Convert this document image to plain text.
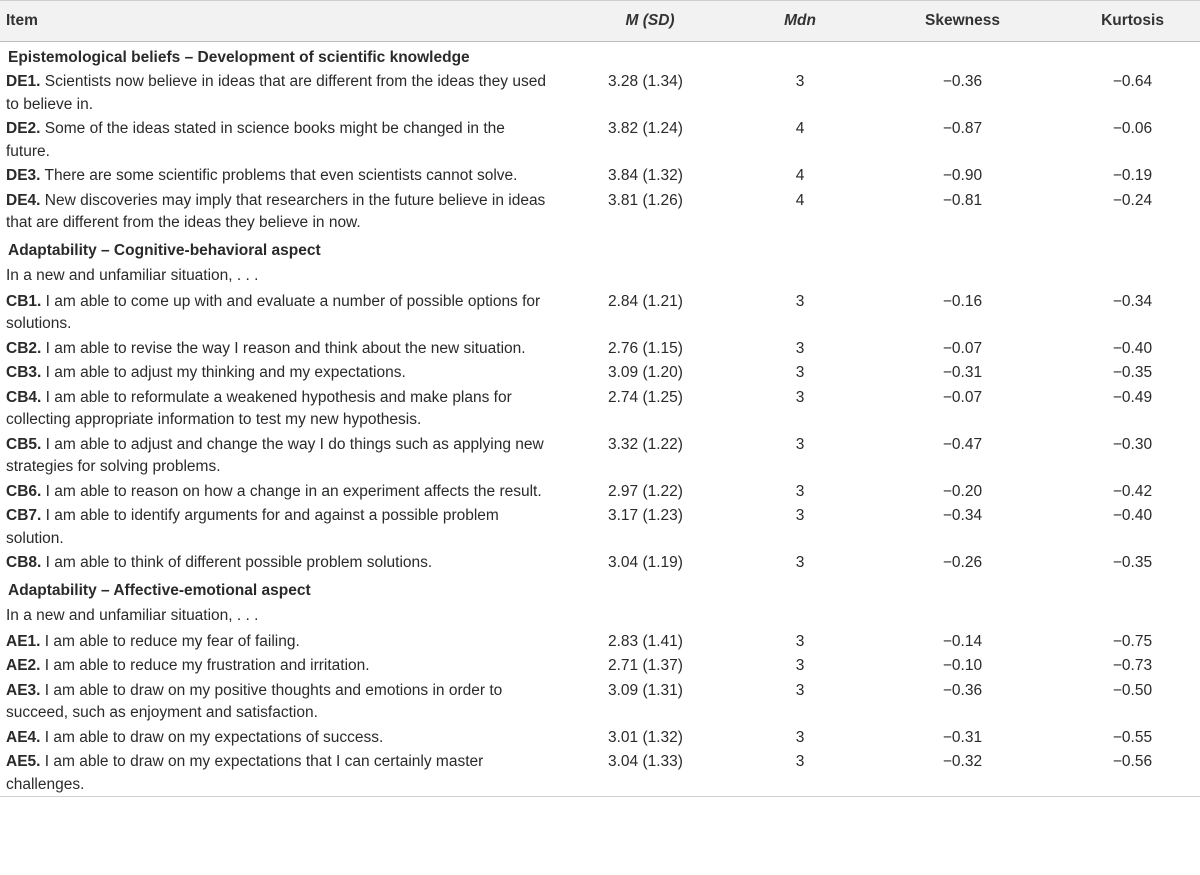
Item	M (SD)	Mdn	Skewness	Kurtosis
Epistemological beliefs – Development of scientific knowledge				
DE1. Scientists now believe in ideas that are different from the ideas they used to believe in.	3.28 (1.34)	3	−0.36	−0.64
DE2. Some of the ideas stated in science books might be changed in the future.	3.82 (1.24)	4	−0.87	−0.06
DE3. There are some scientific problems that even scientists cannot solve.	3.84 (1.32)	4	−0.90	−0.19
DE4. New discoveries may imply that researchers in the future believe in ideas that are different from the ideas they believe in now.	3.81 (1.26)	4	−0.81	−0.24
Adaptability – Cognitive-behavioral aspect				
In a new and unfamiliar situation, . . .				
CB1. I am able to come up with and evaluate a number of possible options for solutions.	2.84 (1.21)	3	−0.16	−0.34
CB2. I am able to revise the way I reason and think about the new situation.	2.76 (1.15)	3	−0.07	−0.40
CB3. I am able to adjust my thinking and my expectations.	3.09 (1.20)	3	−0.31	−0.35
CB4. I am able to reformulate a weakened hypothesis and make plans for collecting appropriate information to test my new hypothesis.	2.74 (1.25)	3	−0.07	−0.49
CB5. I am able to adjust and change the way I do things such as applying new strategies for solving problems.	3.32 (1.22)	3	−0.47	−0.30
CB6. I am able to reason on how a change in an experiment affects the result.	2.97 (1.22)	3	−0.20	−0.42
CB7. I am able to identify arguments for and against a possible problem solution.	3.17 (1.23)	3	−0.34	−0.40
CB8. I am able to think of different possible problem solutions.	3.04 (1.19)	3	−0.26	−0.35
Adaptability – Affective-emotional aspect				
In a new and unfamiliar situation, . . .				
AE1. I am able to reduce my fear of failing.	2.83 (1.41)	3	−0.14	−0.75
AE2. I am able to reduce my frustration and irritation.	2.71 (1.37)	3	−0.10	−0.73
AE3. I am able to draw on my positive thoughts and emotions in order to succeed, such as enjoyment and satisfaction.	3.09 (1.31)	3	−0.36	−0.50
AE4. I am able to draw on my expectations of success.	3.01 (1.32)	3	−0.31	−0.55
AE5. I am able to draw on my expectations that I can certainly master challenges.	3.04 (1.33)	3	−0.32	−0.56
